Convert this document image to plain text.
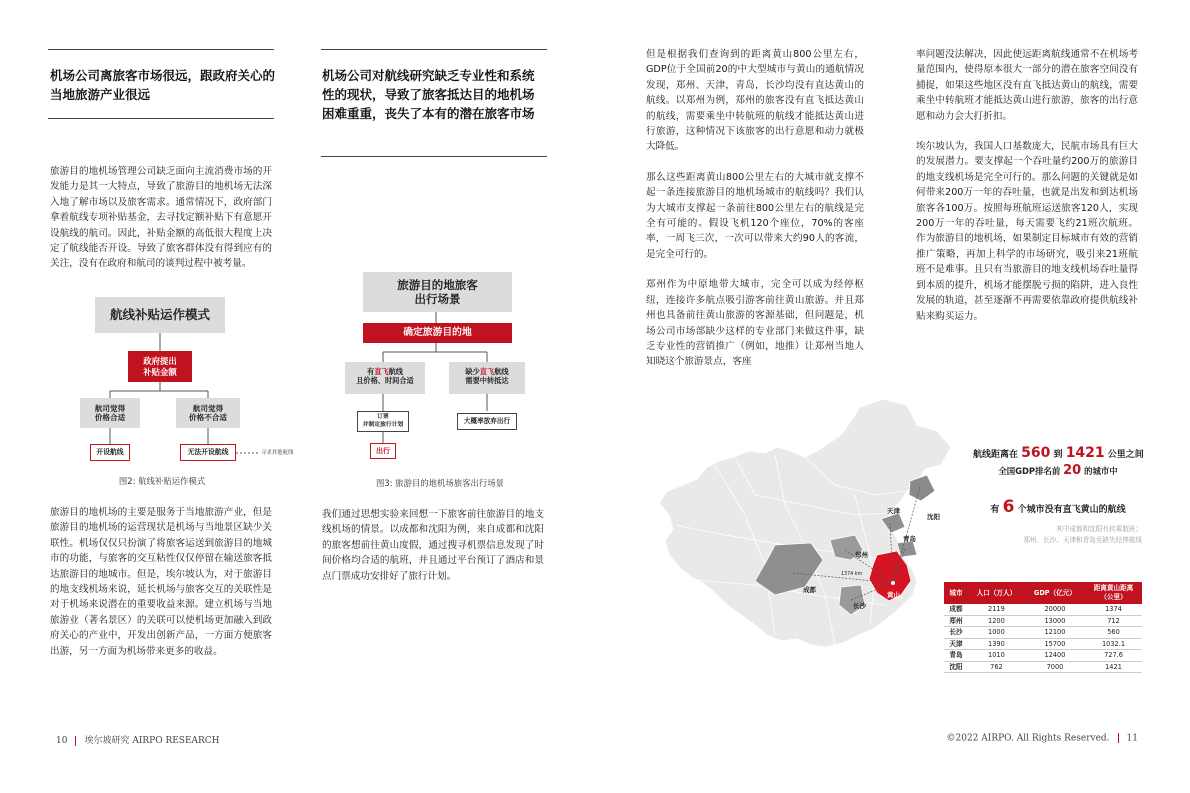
机场公司离旅客市场很远，跟政府关心的当地旅游产业很远

旅游目的地机场管理公司缺乏面向主流消费市场的开发能力是其一大特点，导致了旅游目的地机场无法深入地了解市场以及旅客需求。通常情况下，政府部门拿着航线专项补贴基金，去寻找定额补贴下有意愿开设航线的航司。因此，补贴金额的高低很大程度上决定了航线能否开设。导致了旅客群体没有得到应有的关注，没有在政府和航司的谈判过程中被考量。

航线补贴运作模式
政府提出
补贴金额
航司觉得
价格合适
航司觉得
价格不合适
开设航线	无法开设航线	寻求其他航线
图2: 航线补贴运作模式

旅游目的地机场的主要是服务于当地旅游产业，但是旅游目的地机场的运营现状是机场与当地景区缺少关联性。机场仅仅只扮演了将旅客运送到旅游目的地城市的功能，与旅客的交互粘性仅仅停留在输送旅客抵达旅游目的地城市。但是，埃尔坡认为，对于旅游目的地支线机场来说，延长机场与旅客交互的关联性是对于机场来说潜在的重要收益来源。建立机场与当地旅游业（著名景区）的关联可以使机场更加融入到政府关心的产业中，开发出创新产品，一方面方便旅客出游，另一方面为机场带来更多的收益。

机场公司对航线研究缺乏专业性和系统性的现状，导致了旅客抵达目的地机场困难重重，丧失了本有的潜在旅客市场
旅游目的地旅客
出行场景
确定旅游目的地
有直飞航线
且价格、时间合适
缺少直飞航线
需要中转抵达
订票
并制定旅行计划	大概率放弃出行
出行
图3: 旅游目的地机场旅客出行场景

我们通过思想实验来回想一下旅客前往旅游目的地支线机场的情景。以成都和沈阳为例，来自成都和沈阳的旅客想前往黄山度假，通过搜寻机票信息发现了时间价格均合适的航班，并且通过平台预订了酒店和景点门票成功安排好了旅行计划。

但是根据我们查询到的距离黄山800公里左右，GDP位于全国前20的中大型城市与黄山的通航情况发现，郑州、天津，青岛，长沙均没有直达黄山的航线。以郑州为例，郑州的旅客没有直飞抵达黄山的航线，需要乘坐中转航班的航线才能抵达黄山进行旅游，这种情况下该旅客的出行意愿和动力就极大降低。

那么这些距离黄山800公里左右的大城市就支撑不起一条连接旅游目的地机场城市的航线吗？我们认为大城市支撑起一条前往800公里左右的航线是完全有可能的。假设飞机120个座位，70%的客座率，一周飞三次，一次可以带来大约90人的客流，是完全可行的。

郑州作为中原地带大城市，完全可以成为经停枢纽，连接许多航点吸引游客前往黄山旅游。并且郑州也具备前往黄山旅游的客源基础，但问题是，机场公司市场部缺少这样的专业部门来做这件事，缺乏专业性的营销推广（例如，地推）让郑州当地人知晓这个旅游景点，客座

率问题没法解决，因此使远距离航线通常不在机场考量范围内，使得原本很大一部分的潜在旅客空间没有捕捉，如果这些地区没有直飞抵达黄山的航线，需要乘坐中转航班才能抵达黄山进行旅游，旅客的出行意愿和动力会大打折扣。

埃尔坡认为，我国人口基数庞大，民航市场具有巨大的发展潜力。要支撑起一个吞吐量约200万的旅游目的地支线机场是完全可行的。那么问题的关键就是如何带来200万一年的吞吐量，也就是出发和到达机场旅客各100万。按照每班航班运送旅客120人，实现200万一年的吞吐量，每天需要飞约21班次航班。作为旅游目的地机场，如果制定目标城市有效的营销推广策略，再加上科学的市场研究，吸引来21班航班不是难事。且只有当旅游目的地支线机场吞吐量得到本质的提升，机场才能摆脱亏损的陷阱，进入良性发展的轨道，甚至逐渐不再需要依靠政府提供航线补贴来购买运力。

沈阳
天津
青岛
郑州
成都
长沙
黄山
1374 km
航线距离在 560 到 1421 公里之间
全国GDP排名前 20 的城市中
有 6 个城市没有直飞黄山的航线
其中成都和沈阳有转乘航班；
郑州、长沙、天津和青岛至缺失经停航线
城市	人口（万人）	GDP（亿元）	距离黄山距离
（公里）
成都	2119	20000	1374
郑州	1200	13000	712
长沙	1000	12100	560
天津	1390	15700	1032.1
青岛	1010	12400	727.6
沈阳	762	7000	1421
10 埃尔坡研究 AIRPO RESEARCH	©2022 AIRPO. All Rights Reserved. 11
